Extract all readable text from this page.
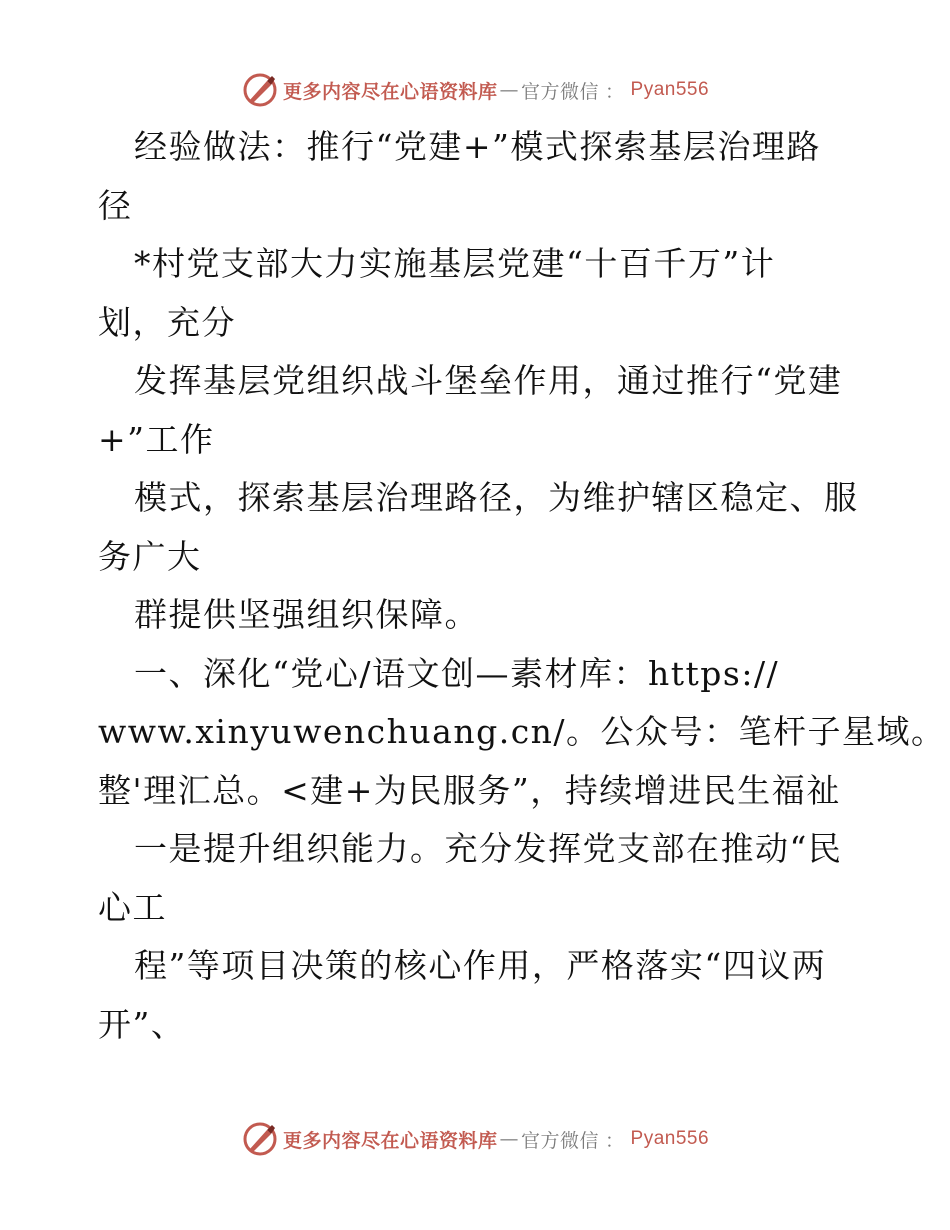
更多内容尽在心语资料库 — 官方微信 ： Pyan556
经验做法：推行“党建+”模式探索基层治理路
径
*村党支部大力实施基层党建“十百千万”计
划，充分
发挥基层党组织战斗堡垒作用，通过推行“党建
+”工作
模式，探索基层治理路径，为维护辖区稳定、服
务广大
群提供坚强组织保障。
一、深化“党心/语文创—素材库：https://
www.xinyuwenchuang.cn/。公众号：笔杆子星域。
整'理汇总。<建+为民服务”，持续增进民生福祉
一是提升组织能力。充分发挥党支部在推动“民
心工
程”等项目决策的核心作用，严格落实“四议两
开”、
更多内容尽在心语资料库 — 官方微信 ： Pyan556
